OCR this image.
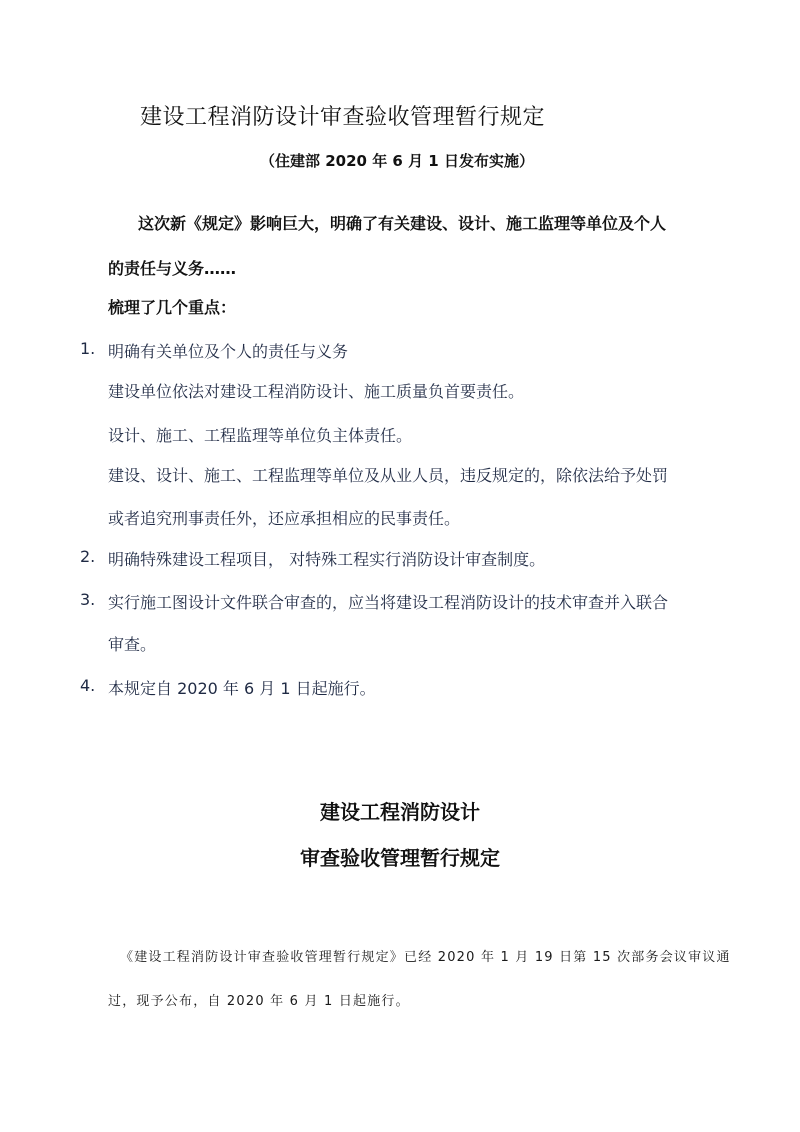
建设工程消防设计审查验收管理暂行规定
（住建部 2020 年 6 月 1 日发布实施）
这次新《规定》影响巨大，明确了有关建设、设计、施工监理等单位及个人
的责任与义务……
梳理了几个重点：
1. 明确有关单位及个人的责任与义务
建设单位依法对建设工程消防设计、施工质量负首要责任。
设计、施工、工程监理等单位负主体责任。
建设、设计、施工、工程监理等单位及从业人员，违反规定的，除依法给予处罚
或者追究刑事责任外，还应承担相应的民事责任。
2. 明确特殊建设工程项目， 对特殊工程实行消防设计审查制度。
3. 实行施工图设计文件联合审查的，应当将建设工程消防设计的技术审查并入联合
审查。
4. 本规定自 2020 年 6 月 1 日起施行。
建设工程消防设计
审查验收管理暂行规定
《建设工程消防设计审查验收管理暂行规定》已经 2020 年 1 月 19 日第 15 次部务会议审议通
过，现予公布，自 2020 年 6 月 1 日起施行。
